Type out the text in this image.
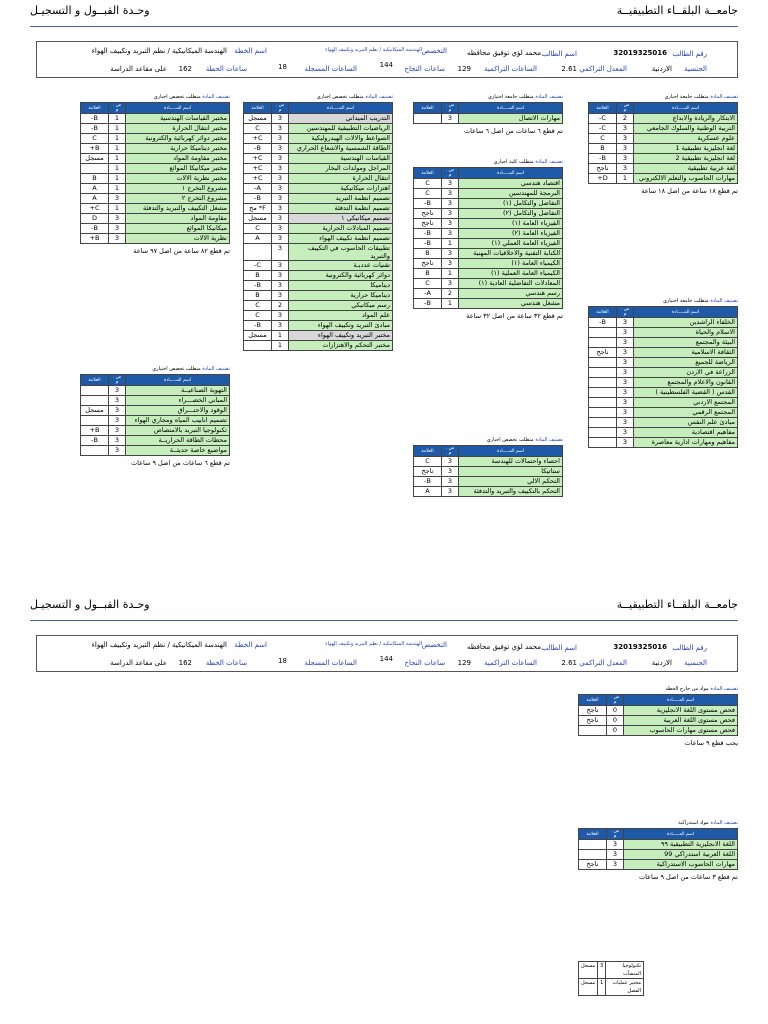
جامعــة البلقــاء التطبيقيــة
وحـدة القبــول و التسجيـل
رقم الطالب
32019325016
اسم الطالب
محمد لؤي توفيق محافظه
التخصص
الهندسة الميكانيكية / نظم التبريد وتكييف الهواء
اسم الخطة
الهندسة الميكانيكية / نظم التبريد وتكييف الهواء
الجنسية
الاردنية
المعدل التراكمي
2.61
الساعات التراكمية
129
ساعات النجاح
144
الساعات المسجلة
18
ساعات الخطة
162
على مقاعد الدراسة
تصنيف المادة متطلب جامعة اجباري
اسم المـــــادة	س . م	العلامة
الابتكار والريادة والابداع	2	C-
التربية الوطنية والسلوك الجامعي	3	C-
علوم عسكرية	3	C
لغة انجليزية تطبيقية 1	3	B
لغة انجليزية تطبيقية 2	3	B-
لغة عربية تطبيقية	3	ناجح
مهارات الحاسوب والتعلم الالكتروني	1	D+
تم قطع ١٨ ساعة من اصل ١٨ ساعة
تصنيف المادة متطلب جامعة اختياري
اسم المـــــادة	س . م	العلامة
الخلفاء الراشدين	3	B-
الاسلام والحياة	3	
البيئة والمجتمع	3	
الثقافة الاسلامية	3	ناجح
الرياضة للجميع	3	
الزراعة في الاردن	3	
القانون والاعلام والمجتمع	3	
القدس ( القضية الفلسطينية )	3	
المجتمع الاردني	3	
المجتمع الرقمي	3	
مبادئ علم النفس	3	
مفاهيم اقتصادية	3	
مفاهيم ومهارات ادارية معاصرة	3	
تصنيف المادة متطلب جامعة اختياري
اسم المـــــادة	س . م	العلامة
مهارات الاتصال	3	
تم قطع ٦ ساعات من اصل ٦ ساعات
تصنيف المادة متطلب كلية اجباري
اسم المـــــادة	س . م	العلامة
اقتصاد هندسي	3	C
البرمجة للمهندسين	3	C
التفاضل والتكامل (١)	3	B-
التفاضل والتكامل (٢)	3	ناجح
الفيزياء العامة (١)	3	ناجح
الفيزياء العامة (٢)	3	B-
الفيزياء العامة العملي (١)	1	B-
الكتابة التقنية والاخلاقيات المهنية	3	B
الكيمياء العامة (١)	3	ناجح
الكيمياء العامة العملية (١)	1	B
المعادلات التفاضلية العادية (١)	3	C
رسم هندسي	2	A-
مشغل هندسي	1	B-
تم قطع ٣٢ ساعة من اصل ٣٢ ساعة
تصنيف المادة متطلب تخصص اجباري
اسم المـــــادة	س . م	العلامة
احصاء واحتمالات للهندسة	3	C
ستاتيكا	3	ناجح
التحكم الالي	3	B-
التحكم بالتكييف والتبريد والتدفئة	3	A
تصنيف المادة متطلب تخصص اجباري
اسم المـــــادة	س . م	العلامة
التدريب الميداني	3	مسجل
الرياضيات التطبيقية للمهندسين	3	C
الصواعط والالات الهيدروليكية	3	C+
الطاقة الشمسية والاشعاع الحراري	3	B-
القياسات الهندسية	3	C+
المراجل ومولدات البخار	3	C+
انتقال الحرارة	3	C+
اهتزازات ميكانيكية	3	A-
تصميم انظمة التبريد	3	B-
تصميم انظمة التدفئة	3	F* مح
تصميم ميكانيكي ١	3	مسجل
تصميم المبادلات الحرارية	3	C
تصميم انظمة تكييف الهواء	3	A
تطبيقات الحاسوب في التكييف والتبريد	3	
تقنيات عدديـة	3	C-
دوائر كهربائية والكترونية	3	B
ديناميكا	3	B-
ديناميكا حرارية	3	B
رسم ميكانيكي	2	C
علم المواد	3	C
مبادئ التبريد وتكييف الهواء	3	B-
مختبر التبريد وتكييف الهواء	1	مسجل
مختبر التحكم والاهتزازات	1	
تصنيف المادة متطلب تخصص اجباري
اسم المـــــادة	س . م	العلامة
مختبر القياسات الهندسية	1	B-
مختبر انتقال الحرارة	1	B-
مختبر دوائر كهربائية والكترونية	1	C
مختبر ديناميكا حرارية	1	B+
مختبر مقاومة المواد	1	مسجل
مختبر ميكانيكا الموائع	1	
مختبر نظرية الالات	1	B
مشروع التخرج ١	1	A
مشروع التخرج ٢	3	A
مشغل التكييف والتبريد والتدفئة	1	C+
مقاومة المواد	3	D
ميكانيكا الموائع	3	B-
نظرية الالات	3	B+
تم قطع ٨٢ ساعة من اصل ٩٧ ساعة
تصنيف المادة متطلب تخصص اختياري
اسم المـــــادة	س . م	العلامة
التهوية الصناعيــة	3	
المباني الخضـــراء	3	
الوقود والاحتـــراق	3	مسجل
تصميم انابيب المياه ومجاري الهواء	3	
تكنولوجيا التبريد بالامتصاص	3	B+
محطات الطاقة الحراريــة	3	B-
مواضيع خاصة حديثــة	3	
تم قطع ٦ ساعات من اصل ٩ ساعات
جامعــة البلقــاء التطبيقيــة
وحـدة القبــول و التسجيـل
رقم الطالب
32019325016
اسم الطالب
محمد لؤي توفيق محافظه
التخصص
الهندسة الميكانيكية / نظم التبريد وتكييف الهواء
اسم الخطة
الهندسة الميكانيكية / نظم التبريد وتكييف الهواء
الجنسية
الاردنية
المعدل التراكمي
2.61
الساعات التراكمية
129
ساعات النجاح
144
الساعات المسجلة
18
ساعات الخطة
162
على مقاعد الدراسة
تصنيف المادة مواد من خارج الخطة
اسم المـــــادة	س . م	العلامة
فحص مستوى اللغة الانجليزية	0	ناجح
فحص مستوى اللغة العربية	0	ناجح
فحص مستوى مهارات الحاسوب	0	
يجب قطع ٩ ساعات
تصنيف المادة مواد استدراكية
اسم المـــــادة	س . م	العلامة
اللغة الانجليزية التطبيقية ٩٩	3	
اللغة العربية استدراكي 99	3	
مهارات الحاسوب الاستدراكية	3	ناجح
تم قطع ٣ ساعات من اصل ٩ ساعات
تكنولوجيا المنشآت	3	مسجل
مختبر عمليات الفصل	1	مسجل
